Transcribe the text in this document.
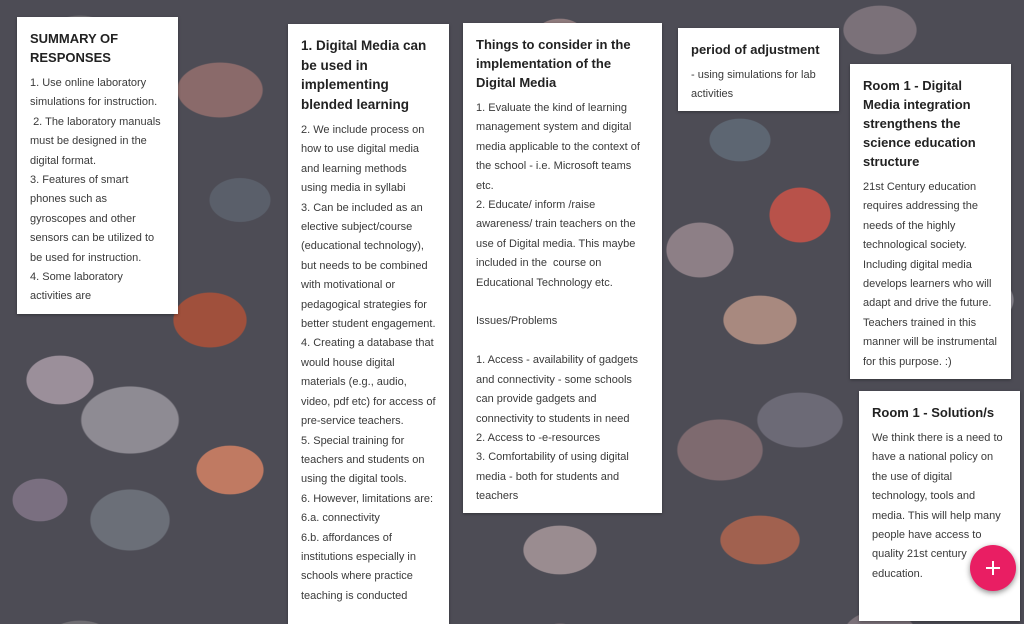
SUMMARY OF RESPONSES
1. Use online laboratory simulations for instruction.
2. The laboratory manuals must be designed in the digital format.
3. Features of smart phones such as gyroscopes and other sensors can be utilized to be used for instruction.
4. Some laboratory activities are
1. Digital Media can be used in implementing blended learning
2. We include process on how to use digital media and learning methods using media in syllabi
3. Can be included as an elective subject/course (educational technology), but needs to be combined with motivational or pedagogical strategies for better student engagement.
4. Creating a database that would house digital materials (e.g., audio, video, pdf etc) for access of pre-service teachers.
5. Special training for teachers and students on using the digital tools.
6. However, limitations are:
6.a. connectivity
6.b. affordances of institutions especially in schools where practice teaching is conducted
Things to consider in the implementation of the Digital Media
1. Evaluate the kind of learning management system and digital media applicable to the context of the school - i.e. Microsoft teams etc.
2. Educate/ inform /raise awareness/ train teachers on the use of Digital media. This maybe included in the  course on Educational Technology etc.

Issues/Problems

1. Access - availability of gadgets and connectivity - some schools can provide gadgets and connectivity to students in need
2. Access to -e-resources
3. Comfortability of using digital media - both for students and teachers
period of adjustment
- using simulations for lab activities
Room 1 - Digital Media integration strengthens the science education structure
21st Century education requires addressing the needs of the highly technological society. Including digital media develops learners who will adapt and drive the future. Teachers trained in this manner will be instrumental for this purpose. :)
Room 1 - Solution/s
We think there is a need to have a national policy on the use of digital technology, tools and media. This will help many people have access to quality 21st century education.
